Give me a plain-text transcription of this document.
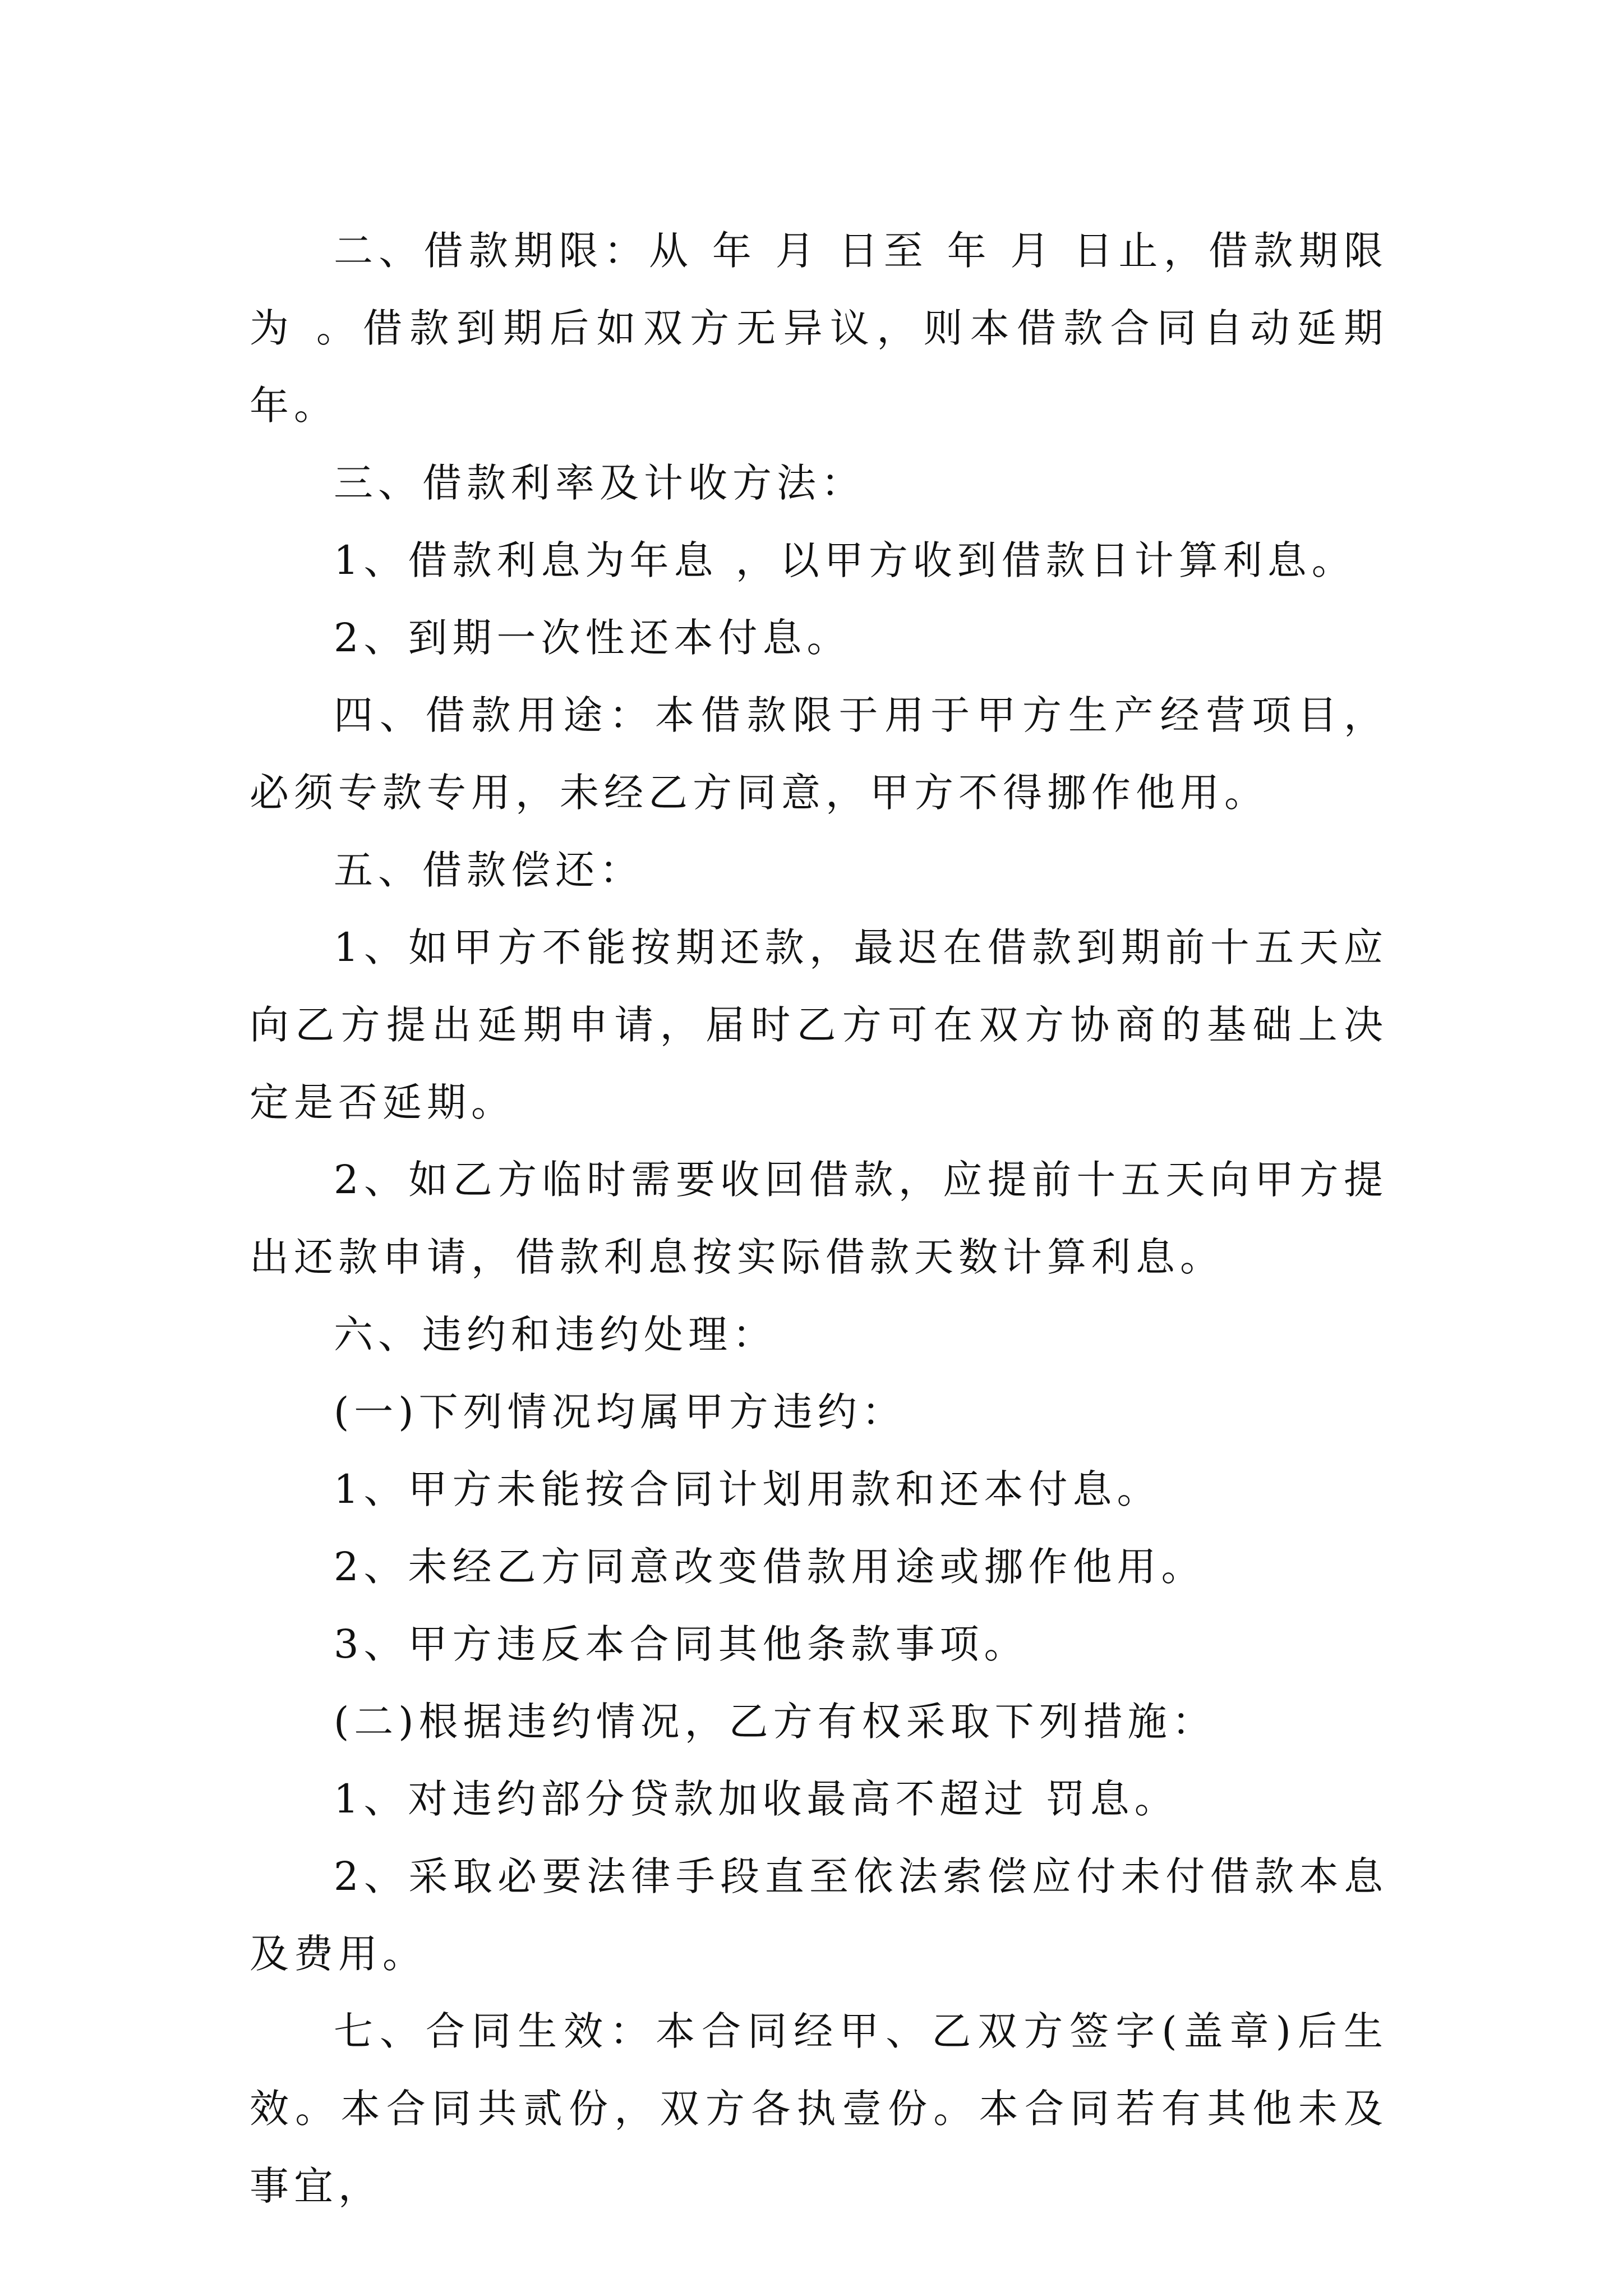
二、借款期限：从 年 月 日至 年 月 日止，借款期限为 。借款到期后如双方无异议，则本借款合同自动延期 年。

三、借款利率及计收方法：

1、借款利息为年息 ，以甲方收到借款日计算利息。

2、到期一次性还本付息。

四、借款用途：本借款限于用于甲方生产经营项目，必须专款专用，未经乙方同意，甲方不得挪作他用。

五、借款偿还：

1、如甲方不能按期还款，最迟在借款到期前十五天应向乙方提出延期申请，届时乙方可在双方协商的基础上决定是否延期。

2、如乙方临时需要收回借款，应提前十五天向甲方提出还款申请，借款利息按实际借款天数计算利息。

六、违约和违约处理：

(一)下列情况均属甲方违约：

1、甲方未能按合同计划用款和还本付息。

2、未经乙方同意改变借款用途或挪作他用。

3、甲方违反本合同其他条款事项。

(二)根据违约情况，乙方有权采取下列措施：

1、对违约部分贷款加收最高不超过 罚息。

2、采取必要法律手段直至依法索偿应付未付借款本息及费用。

七、合同生效：本合同经甲、乙双方签字(盖章)后生效。本合同共贰份，双方各执壹份。本合同若有其他未及事宜，
